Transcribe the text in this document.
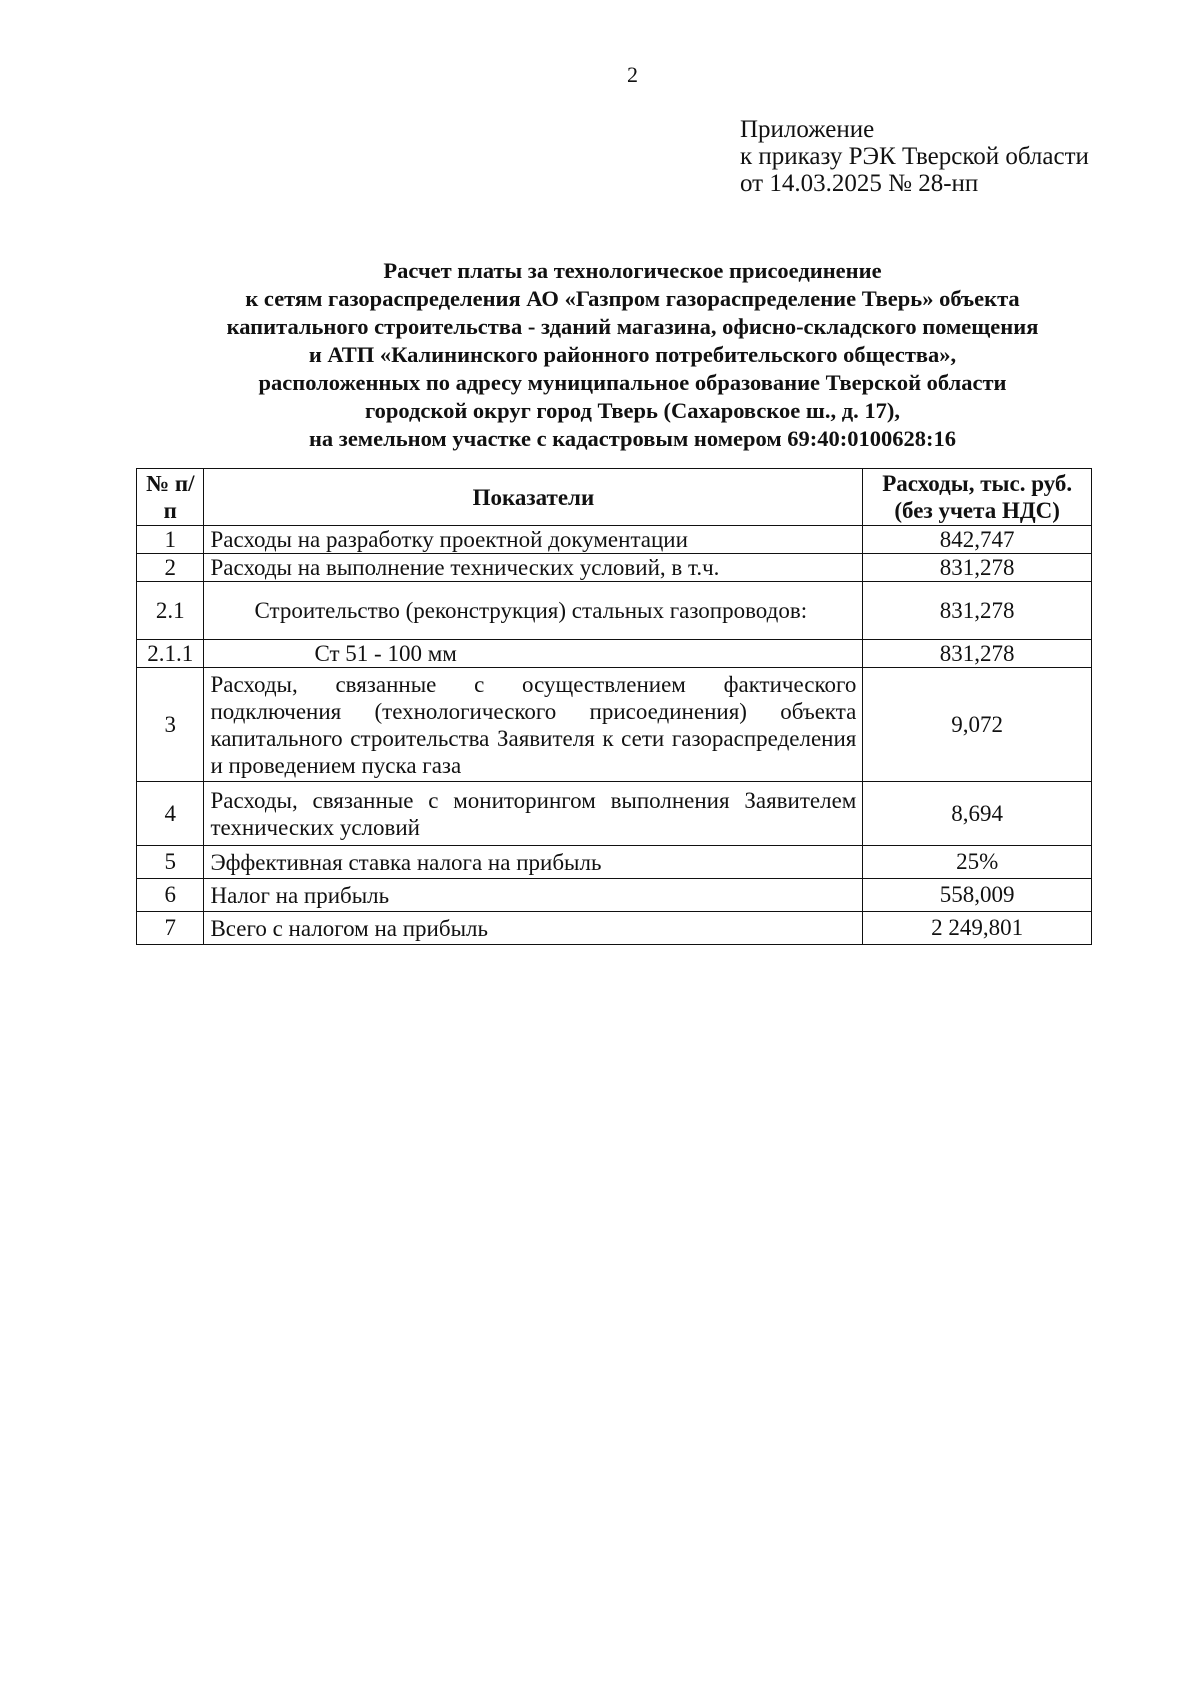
2
Приложение
к приказу РЭК Тверской области
от 14.03.2025 № 28-нп
Расчет платы за технологическое присоединение
к сетям газораспределения АО «Газпром газораспределение Тверь» объекта
капитального строительства - зданий магазина, офисно-складского помещения
и АТП «Калининского районного потребительского общества»,
расположенных по адресу муниципальное образование Тверской области
городской округ город Тверь (Сахаровское ш., д. 17),
на земельном участке с кадастровым номером 69:40:0100628:16
№ п/п	Показатели	Расходы, тыс. руб. (без учета НДС)
1	Расходы на разработку проектной документации	842,747
2	Расходы на выполнение технических условий, в т.ч.	831,278
2.1	Строительство (реконструкция) стальных газопроводов:	831,278
2.1.1	Ст 51 - 100 мм	831,278
3	Расходы, связанные с осуществлением фактического подключения (технологического присоединения) объекта капитального строительства Заявителя к сети газораспределения и проведением пуска газа	9,072
4	Расходы, связанные с мониторингом выполнения Заявителем технических условий	8,694
5	Эффективная ставка налога на прибыль	25%
6	Налог на прибыль	558,009
7	Всего с налогом на прибыль	2 249,801
